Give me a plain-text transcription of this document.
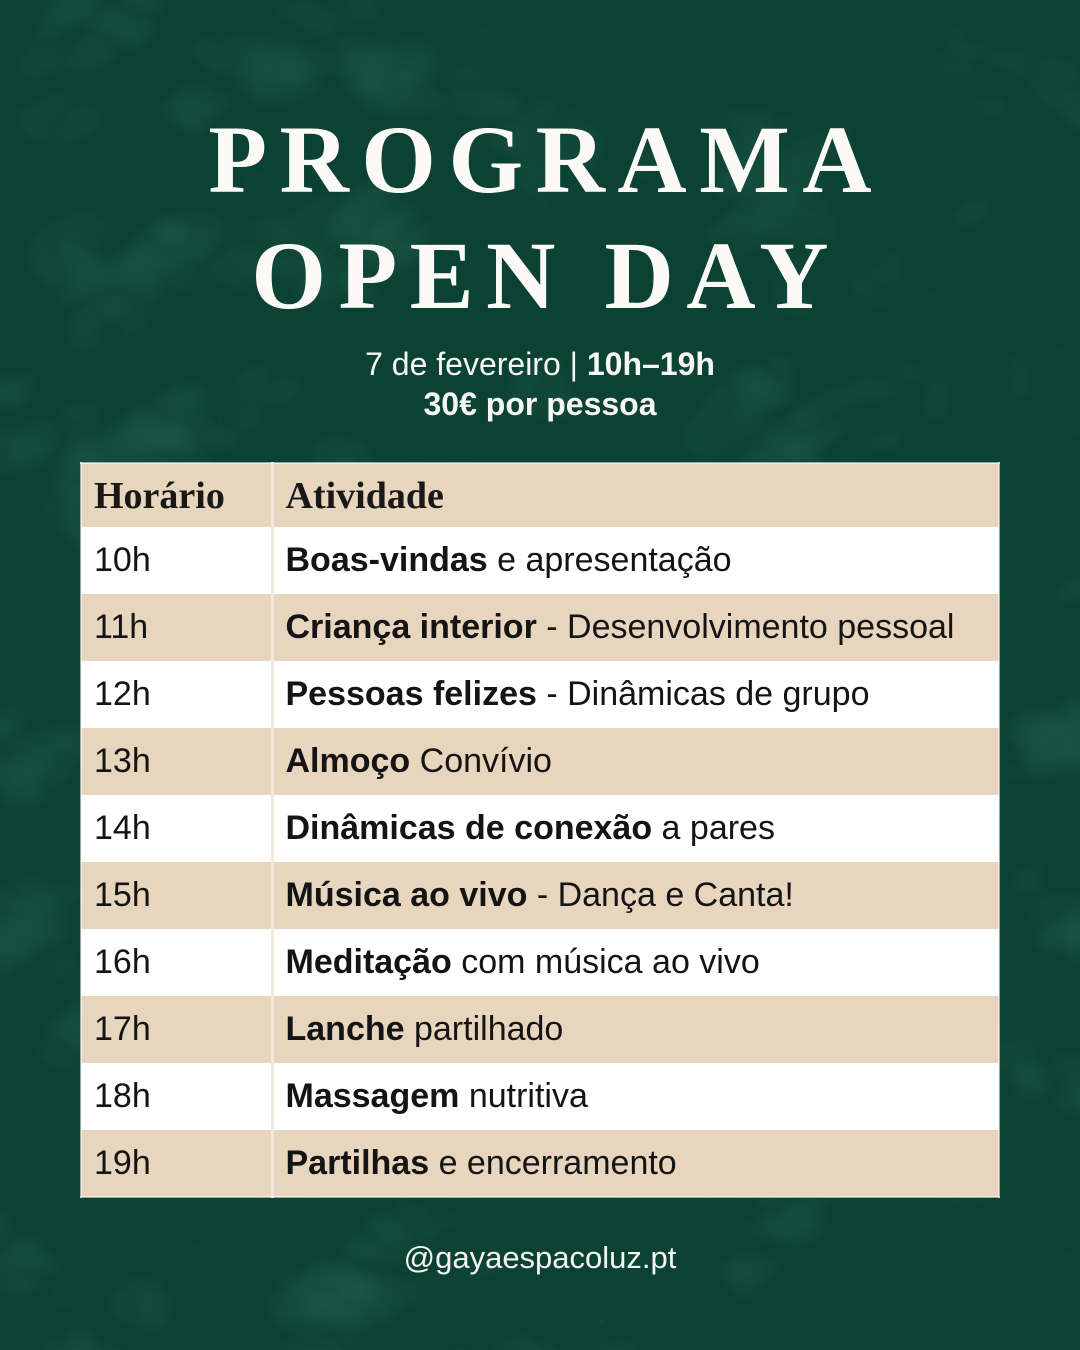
PROGRAMA
OPEN DAY
7 de fevereiro | 10h–19h
30€ por pessoa
Horário	Atividade
10h	Boas-vindas e apresentação
11h	Criança interior - Desenvolvimento pessoal
12h	Pessoas felizes - Dinâmicas de grupo
13h	Almoço Convívio
14h	Dinâmicas de conexão a pares
15h	Música ao vivo - Dança e Canta!
16h	Meditação com música ao vivo
17h	Lanche partilhado
18h	Massagem nutritiva
19h	Partilhas e encerramento
@gayaespacoluz.pt
